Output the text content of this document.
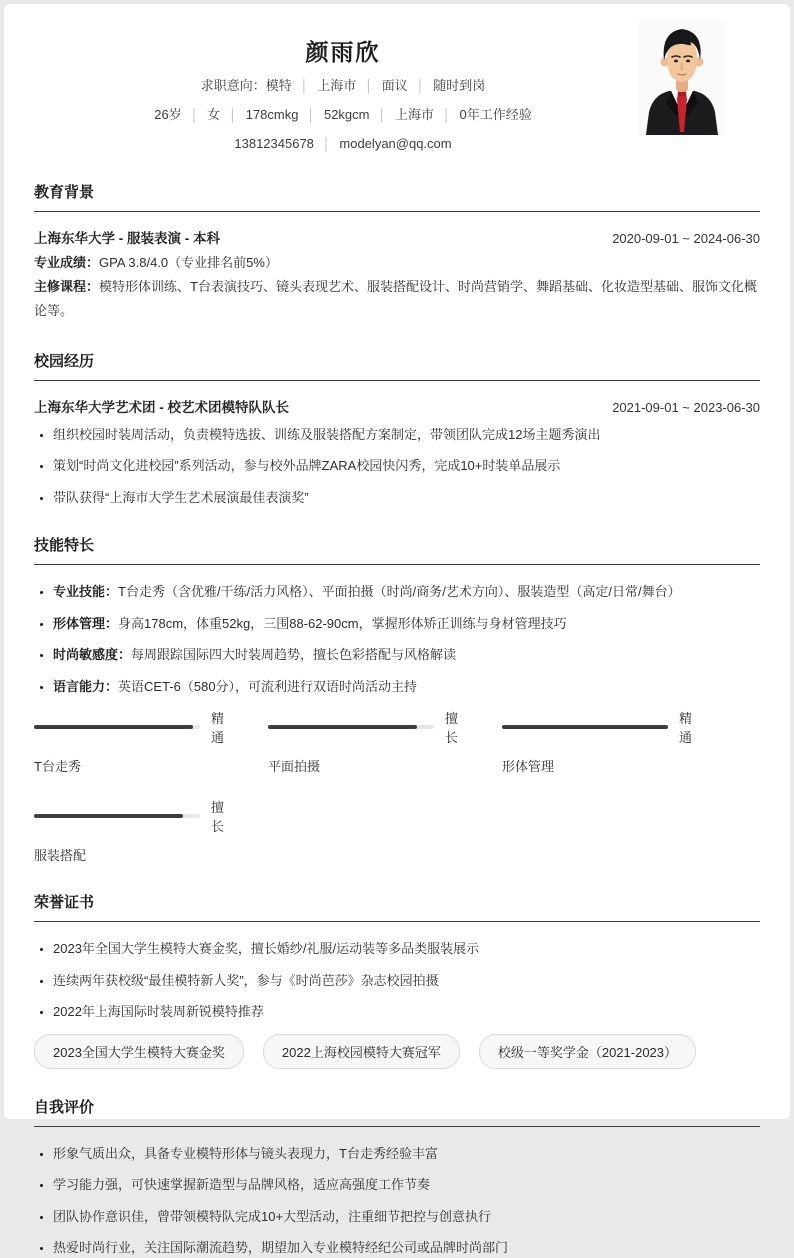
颜雨欣
求职意向：模特 │ 上海市 │ 面议 │ 随时到岗
26岁 │ 女 │ 178cmkg │ 52kgcm │ 上海市 │ 0年工作经验
13812345678 │ modelyan@qq.com
教育背景
上海东华大学 - 服装表演 - 本科	2020-09-01 ~ 2024-06-30
专业成绩：GPA 3.8/4.0（专业排名前5%）
主修课程：模特形体训练、T台表演技巧、镜头表现艺术、服装搭配设计、时尚营销学、舞蹈基础、化妆造型基础、服饰文化概论等。
校园经历
上海东华大学艺术团 - 校艺术团模特队队长	2021-09-01 ~ 2023-06-30
• 组织校园时装周活动，负责模特选拔、训练及服装搭配方案制定，带领团队完成12场主题秀演出
• 策划“时尚文化进校园”系列活动，参与校外品牌ZARA校园快闪秀，完成10+时装单品展示
• 带队获得“上海市大学生艺术展演最佳表演奖”
技能特长
• 专业技能：T台走秀（含优雅/干练/活力风格）、平面拍摄（时尚/商务/艺术方向）、服装造型（高定/日常/舞台）
• 形体管理：身高178cm，体重52kg，三围88-62-90cm，掌握形体矫正训练与身材管理技巧
• 时尚敏感度：每周跟踪国际四大时装周趋势，擅长色彩搭配与风格解读
• 语言能力：英语CET-6（580分），可流利进行双语时尚活动主持
精通
T台走秀
擅长
平面拍摄
精通
形体管理
擅长
服装搭配
荣誉证书
• 2023年全国大学生模特大赛金奖，擅长婚纱/礼服/运动装等多品类服装展示
• 连续两年获校级“最佳模特新人奖”，参与《时尚芭莎》杂志校园拍摄
• 2022年上海国际时装周新锐模特推荐
2023全国大学生模特大赛金奖	2022上海校园模特大赛冠军	校级一等奖学金（2021-2023）
自我评价
• 形象气质出众，具备专业模特形体与镜头表现力，T台走秀经验丰富
• 学习能力强，可快速掌握新造型与品牌风格，适应高强度工作节奏
• 团队协作意识佳，曾带领模特队完成10+大型活动，注重细节把控与创意执行
• 热爱时尚行业，关注国际潮流趋势，期望加入专业模特经纪公司或品牌时尚部门
